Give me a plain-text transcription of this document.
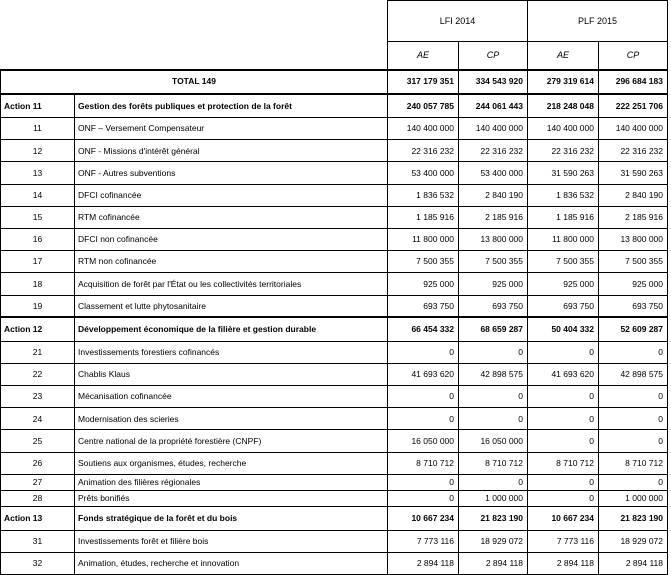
		LFI 2014		PLF 2015	
		AE	CP	AE	CP
TOTAL 149		317 179 351	334 543 920	279 319 614	296 684 183
Action 11	Gestion des forêts publiques et protection de la forêt	240 057 785	244 061 443	218 248 048	222 251 706
11	ONF – Versement Compensateur	140 400 000	140 400 000	140 400 000	140 400 000
12	ONF - Missions d'intérêt général	22 316 232	22 316 232	22 316 232	22 316 232
13	ONF - Autres subventions	53 400 000	53 400 000	31 590 263	31 590 263
14	DFCI cofinancée	1 836 532	2 840 190	1 836 532	2 840 190
15	RTM cofinancée	1 185 916	2 185 916	1 185 916	2 185 916
16	DFCI non cofinancée	11 800 000	13 800 000	11 800 000	13 800 000
17	RTM non cofinancée	7 500 355	7 500 355	7 500 355	7 500 355
18	Acquisition de forêt par l'État ou les collectivités territoriales	925 000	925 000	925 000	925 000
19	Classement et lutte phytosanitaire	693 750	693 750	693 750	693 750
Action 12	Développement économique de la filière et gestion durable	66 454 332	68 659 287	50 404 332	52 609 287
21	Investissements forestiers cofinancés	0	0	0	0
22	Chablis Klaus	41 693 620	42 898 575	41 693 620	42 898 575
23	Mécanisation cofinancée	0	0	0	0
24	Modernisation des scieries	0	0	0	0
25	Centre national de la propriété forestière (CNPF)	16 050 000	16 050 000	0	0
26	Soutiens aux organismes, études, recherche	8 710 712	8 710 712	8 710 712	8 710 712
27	Animation des filières régionales	0	0	0	0
28	Prêts bonifiés	0	1 000 000	0	1 000 000
Action 13	Fonds stratégique de la forêt et du bois	10 667 234	21 823 190	10 667 234	21 823 190
31	Investissements forêt et filière bois	7 773 116	18 929 072	7 773 116	18 929 072
32	Animation, études, recherche et innovation	2 894 118	2 894 118	2 894 118	2 894 118
